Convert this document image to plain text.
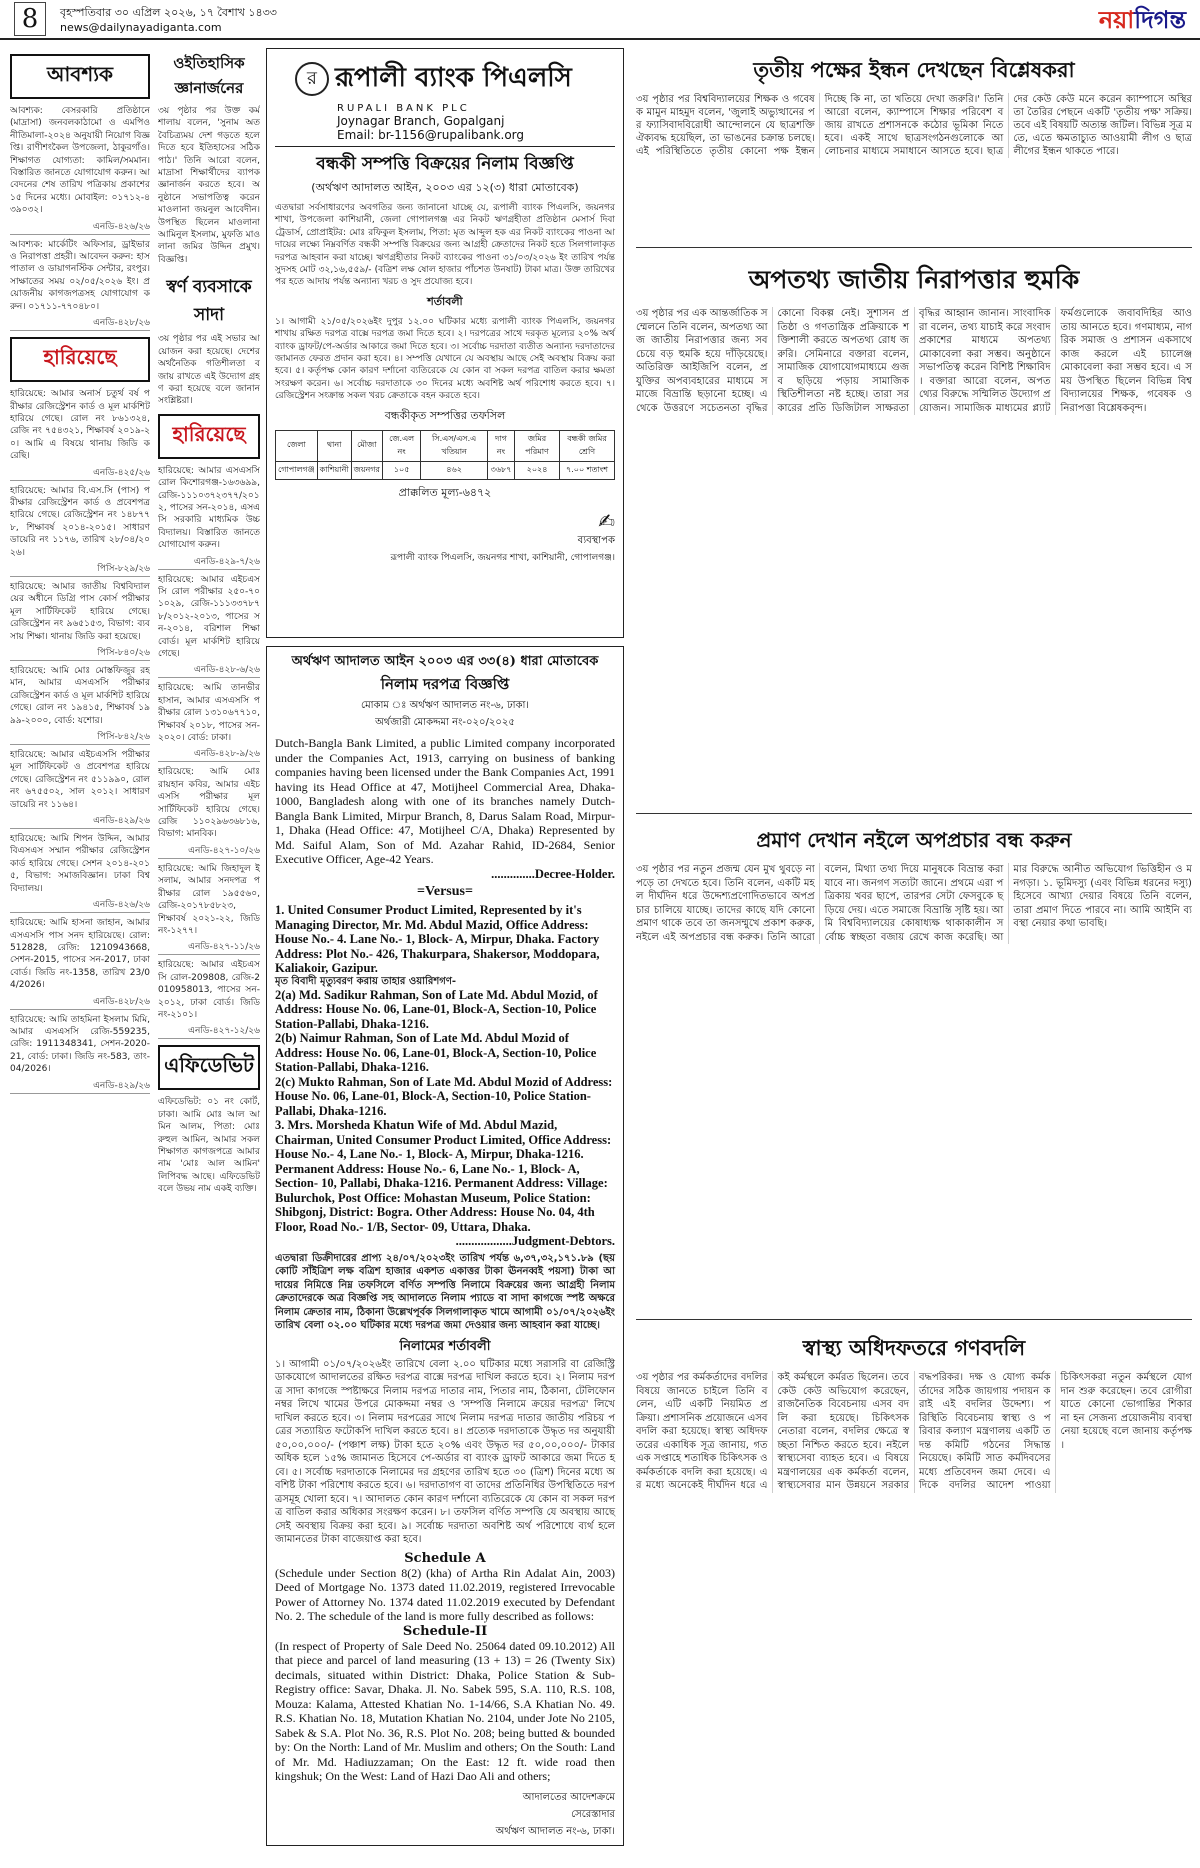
8	বৃহস্পতিবার ৩০ এপ্রিল ২০২৬, ১৭ বৈশাখ ১৪৩৩
news@dailynayadiganta.com	নয়াদিগন্ত
আবশ্যক

আবশ্যক: বেসরকারি প্রতিষ্ঠানে (মাদ্রাসা) জনবলকাঠামো ও এমপিও নীতিমালা-২০২৪ অনুযায়ী নিয়োগ বিজ্ঞপ্তি। রাণীশংকৈল উপজেলা, ঠাকুরগাঁও। শিক্ষাগত যোগ্যতা: কামিল/সমমান। বিস্তারিত জানতে যোগাযোগ করুন। আবেদনের শেষ তারিখ পত্রিকায় প্রকাশের ১৫ দিনের মধ্যে। মোবাইল: ০১৭১২-৪৩৯০৩২।

এনডি-৪২৬/২৬

আবশ্যক: মার্কেটিং অফিসার, ড্রাইভার ও নিরাপত্তা প্রহরী। আবেদন করুন: হাসপাতাল ও ডায়াগনস্টিক সেন্টার, রংপুর। সাক্ষাতের সময় ০২/০৫/২০২৬ ইং। প্রয়োজনীয় কাগজপত্রসহ যোগাযোগ করুন। ০১৭১১-৭৭০৪৮০।

এনডি-৪২৮/২৬
হারিয়েছে

হারিয়েছে: আমার অনার্স চতুর্থ বর্ষ পরীক্ষার রেজিস্ট্রেশন কার্ড ও মূল মার্কশিট হারিয়ে গেছে। রোল নং ৮৬১৩২৪, রেজি নং ৭৫৪৩২১, শিক্ষাবর্ষ ২০১৯-২০। আমি এ বিষয়ে থানায় জিডি করেছি।

এনডি-৪২৫/২৬

হারিয়েছে: আমার বি.এস.সি (পাস) পরীক্ষার রেজিস্ট্রেশন কার্ড ও প্রবেশপত্র হারিয়ে গেছে। রেজিস্ট্রেশন নং ১৪৮৭৭৮, শিক্ষাবর্ষ ২০১৪-২০১৫। সাধারণ ডায়েরি নং ১১৭৬, তারিখ ২৮/০৪/২০২৬।

পিসি-৮২৯/২৬

হারিয়েছে: আমার জাতীয় বিশ্ববিদ্যালয়ের অধীনে ডিগ্রি পাস কোর্স পরীক্ষার মূল সার্টিফিকেট হারিয়ে গেছে। রেজিস্ট্রেশন নং ৯৬৫১৫৩, বিভাগ: ব্যবসায় শিক্ষা। থানায় জিডি করা হয়েছে।

পিসি-৮৪০/২৬

হারিয়েছে: আমি মোঃ মোস্তফিজুর রহমান, আমার এসএসসি পরীক্ষার রেজিস্ট্রেশন কার্ড ও মূল মার্কশিট হারিয়ে গেছে। রোল নং ১৯৪১৫, শিক্ষাবর্ষ ১৯৯৯-২০০০, বোর্ড: যশোর।

পিসি-৮৪২/২৬

হারিয়েছে: আমার এইচএসসি পরীক্ষার মূল সার্টিফিকেট ও প্রবেশপত্র হারিয়ে গেছে। রেজিস্ট্রেশন নং ৫১১৯৯০, রোল নং ৬৭৫৫০২, সাল ২০১২। সাধারণ ডায়েরি নং ১১৬৪।

এনডি-৪২৯/২৬

হারিয়েছে: আমি শিপন উদ্দিন, আমার বিএসএস সম্মান পরীক্ষার রেজিস্ট্রেশন কার্ড হারিয়ে গেছে। সেশন ২০১৪-২০১৫, বিভাগ: সমাজবিজ্ঞান। ঢাকা বিশ্ববিদ্যালয়।

এনডি-৪২৬/২৬

হারিয়েছে: আমি হাসনা জাহান, আমার এসএসসি পাস সনদ হারিয়েছে। রোল: 512828, রেজি: 1210943668, সেশন-2015, পাসের সন-2017, ঢাকা বোর্ড। জিডি নং-1358, তারিখ 23/04/2026।

এনডি-৪২৮/২৬

হারিয়েছে: আমি তাহমিনা ইসলাম মিমি, আমার এসএসসি রেজি-559235, রেজি: 1911348341, সেশন-2020-21, বোর্ড: ঢাকা। জিডি নং-583, তাং-04/2026।

এনডি-৪২৯/২৬
ওইতিহাসিক জ্ঞানার্জনের

৩য় পৃষ্ঠার পর উক্ত কর্মশালায় বলেন, 'সুনাম অত বৈচিত্র্যময় দেশ গড়তে হলে দিতে হবে ইতিহাসের সঠিক পাঠ।' তিনি আরো বলেন, মাদ্রাসা শিক্ষার্থীদের ব্যাপক জ্ঞানার্জন করতে হবে। অনুষ্ঠানে সভাপতিত্ব করেন মাওলানা জয়নুল আবেদীন। উপস্থিত ছিলেন মাওলানা আমিনুল ইসলাম, মুফতি মাওলানা জমির উদ্দিন প্রমুখ। বিজ্ঞপ্তি।

স্বর্ণ ব্যবসাকে সাদা

৩য় পৃষ্ঠার পর এই সভার আয়োজন করা হয়েছে। দেশের অর্থনৈতিক গতিশীলতা বজায় রাখতে এই উদ্যোগ গ্রহণ করা হয়েছে বলে জানান সংশ্লিষ্টরা।

হারিয়েছে

হারিয়েছে: আমার এসএসসি রোল কিশোরগঞ্জ-১৬৩৬৯৯, রেজি-১১১০৩৭২৩৭৭/২০১২, পাসের সন-২০১৪, এসএসি সরকারি মাধ্যমিক উচ্চ বিদ্যালয়। বিস্তারিত জানতে যোগাযোগ করুন।

এনডি-৪২৯-৭/২৬

হারিয়েছে: আমার এইচএসসি রোল পরীক্ষার ২৫০-৭০ ১০২৯, রেজি-১১১৩৩৭৮৭৮/২০১২-২০১৩, পাসের সন-২০১৪, বরিশাল শিক্ষা বোর্ড। মূল মার্কশিট হারিয়ে গেছে।

এনডি-৪২৮-৬/২৬

হারিয়েছে: আমি তানভীর হাসান, আমার এসএসসি পরীক্ষার রোল ১৩১০৬৭৭১০, শিক্ষাবর্ষ ২০১৮, পাসের সন-২০২০। বোর্ড: ঢাকা।

এনডি-৪২৮-৯/২৬

হারিয়েছে: আমি মোঃ রায়হান কবির, আমার এইচএসসি পরীক্ষার মূল সার্টিফিকেট হারিয়ে গেছে। রেজি ১১০২৯৬৩৬৮১৬, বিভাগ: মানবিক।

এনডি-৪২৭-১০/২৬

হারিয়েছে: আমি জিহাদুল ইসলাম, আমার সনদপত্র পরীক্ষার রোল ১৯৫৫৬০, রেজি-২০১৭৮৫৮২৩, শিক্ষাবর্ষ ২০২১-২২, জিডি নং-১২৭৭।

এনডি-৪২৭-১১/২৬

হারিয়েছে: আমার এইচএসসি রোল-209808, রেজি-2010958013, পাসের সন-২০১২, ঢাকা বোর্ড। জিডি নং-২১০১।

এনডি-৪২৭-১২/২৬
এফিডেভিট

এফিডেভিট: ০১ নং কোর্ট, ঢাকা। আমি মোঃ আল আমিন আলম, পিতা: মোঃ রুহুল আমিন, আমার সকল শিক্ষাগত কাগজপত্রে আমার নাম 'মোঃ আল আমিন' লিপিবদ্ধ আছে। এফিডেভিট বলে উভয় নাম একই ব্যক্তি।

র রূপালী ব্যাংক পিএলসি
RUPALI BANK PLC
Joynagar Branch, Gopalganj
Email: br-1156@rupalibank.org
বন্ধকী সম্পত্তি বিক্রয়ের নিলাম বিজ্ঞপ্তি
(অর্থঋণ আদালত আইন, ২০০৩ এর ১২(৩) ধারা মোতাবেক)

এতদ্বারা সর্বসাধারণের অবগতির জন্য জানানো যাচ্ছে যে, রূপালী ব্যাংক পিএলসি, জয়নগর শাখা, উপজেলা কাশিয়ানী, জেলা গোপালগঞ্জ এর নিকট ঋণগ্রহীতা প্রতিষ্ঠান মেসার্স দিবা ট্রেডার্স, প্রোপ্রাইটর: মোঃ রফিকুল ইসলাম, পিতা: মৃত আব্দুল হক এর নিকট ব্যাংকের পাওনা আদায়ের লক্ষ্যে নিম্নবর্ণিত বন্ধকী সম্পত্তি বিক্রয়ের জন্য আগ্রহী ক্রেতাদের নিকট হতে সিলগালাকৃত দরপত্র আহবান করা যাচ্ছে। ঋণগ্রহীতার নিকট ব্যাংকের পাওনা ৩১/০৩/২০২৬ ইং তারিখ পর্যন্ত সুদসহ মোট ৩২,১৬,৫৫৯/- (বত্রিশ লক্ষ ষোল হাজার পাঁচশত উনষাট) টাকা মাত্র। উক্ত তারিখের পর হতে আদায় পর্যন্ত অন্যান্য খরচ ও সুদ প্রযোজ্য হবে।

শর্তাবলী

১। আগামী ২১/০৫/২০২৬ইং দুপুর ১২.০০ ঘটিকার মধ্যে রূপালী ব্যাংক পিএলসি, জয়নগর শাখায় রক্ষিত দরপত্র বাক্সে দরপত্র জমা দিতে হবে। ২। দরপত্রের সাথে দরকৃত মূল্যের ২০% অর্থ ব্যাংক ড্রাফট/পে-অর্ডার আকারে জমা দিতে হবে। ৩। সর্বোচ্চ দরদাতা ব্যতীত অন্যান্য দরদাতাদের জামানত ফেরত প্রদান করা হবে। ৪। সম্পত্তি যেখানে যে অবস্থায় আছে সেই অবস্থায় বিক্রয় করা হবে। ৫। কর্তৃপক্ষ কোন কারণ দর্শানো ব্যতিরেকে যে কোন বা সকল দরপত্র বাতিল করার ক্ষমতা সংরক্ষণ করেন। ৬। সর্বোচ্চ দরদাতাকে ৩০ দিনের মধ্যে অবশিষ্ট অর্থ পরিশোধ করতে হবে। ৭। রেজিস্ট্রেশন সংক্রান্ত সকল খরচ ক্রেতাকে বহন করতে হবে।

বন্ধকীকৃত সম্পত্তির তফসিল
জেলা	থানা	মৌজা	জে.এল নং	সি.এস/এস.এ খতিয়ান	দাগ নং	জমির পরিমাণ	বন্ধকী জমির শ্রেণি
গোপালগঞ্জ	কাশিয়ানী	জয়নগর	১০৫	৪৬২	৩৬৮৭	২০২৪	৭.০০ শতাংশ
প্রাক্কলিত মূল্য-৬৪৭২
✍
ব্যবস্থাপক
রূপালী ব্যাংক পিএলসি, জয়নগর শাখা, কাশিয়ানী, গোপালগঞ্জ।
অর্থঋণ আদালত আইন ২০০৩ এর ৩৩(৪) ধারা মোতাবেক
নিলাম দরপত্র বিজ্ঞপ্তি
মোকাম ঃ অর্থঋণ আদালত নং-৬, ঢাকা।
অর্থজারী মোকদ্দমা নং-০২০/২০২৫

Dutch-Bangla Bank Limited, a public Limited company incorporated under the Companies Act, 1913, carrying on business of banking companies having been licensed under the Bank Companies Act, 1991 having its Head Office at 47, Motijheel Commercial Area, Dhaka-1000, Bangladesh along with one of its branches namely Dutch-Bangla Bank Limited, Mirpur Branch, 8, Darus Salam Road, Mirpur-1, Dhaka (Head Office: 47, Motijheel C/A, Dhaka) Represented by Md. Saiful Alam, Son of Md. Azahar Rahid, ID-2684, Senior Executive Officer, Age-42 Years.

..............Decree-Holder.
=Versus=

1. United Consumer Product Limited, Represented by it's Managing Director, Mr. Md. Abdul Mazid, Office Address: House No.- 4. Lane No.- 1, Block- A, Mirpur, Dhaka. Factory Address: Plot No.- 426, Thakurpara, Shakersor, Moddopara, Kaliakoir, Gazipur.

মৃত বিবাদী মৃত্যুবরণ করায় তাহার ওয়ারিশগণ-

2(a) Md. Sadikur Rahman, Son of Late Md. Abdul Mozid, of Address: House No. 06, Lane-01, Block-A, Section-10, Police Station-Pallabi, Dhaka-1216.

2(b) Naimur Rahman, Son of Late Md. Abdul Mozid of Address: House No. 06, Lane-01, Block-A, Section-10, Police Station-Pallabi, Dhaka-1216.

2(c) Mukto Rahman, Son of Late Md. Abdul Mozid of Address: House No. 06, Lane-01, Block-A, Section-10, Police Station-Pallabi, Dhaka-1216.

3. Mrs. Morsheda Khatun Wife of Md. Abdul Mazid, Chairman, United Consumer Product Limited, Office Address: House No.- 4, Lane No.- 1, Block- A, Mirpur, Dhaka-1216. Permanent Address: House No.- 6, Lane No.- 1, Block- A, Section- 10, Pallabi, Dhaka-1216. Permanent Address: Village: Bulurchok, Post Office: Mohastan Museum, Police Station: Shibgonj, District: Bogra. Other Address: House No. 04, 4th Floor, Road No.- 1/B, Sector- 09, Uttara, Dhaka.

..................Judgment-Debtors.

এতদ্বারা ডিক্রীদারের প্রাপ্য ২৪/০৭/২০২৩ইং তারিখ পর্যন্ত ৬,৩৭,৩২,১৭১.৮৯ (ছয় কোটি সাঁইত্রিশ লক্ষ বত্রিশ হাজার একশত একাত্তর টাকা ঊননব্বই পয়সা) টাকা আদায়ের নিমিত্তে নিম্ন তফসিলে বর্ণিত সম্পত্তি নিলামে বিক্রয়ের জন্য আগ্রহী নিলাম ক্রেতাদেরকে অত্র বিজ্ঞপ্তি সহ আদালতে নিলাম প্যাডে বা সাদা কাগজে স্পষ্ট অক্ষরে নিলাম ক্রেতার নাম, ঠিকানা উল্লেখপূর্বক সিলগালাকৃত খামে আগামী ০১/০৭/২০২৬ইং তারিখ বেলা ০২.০০ ঘটিকার মধ্যে দরপত্র জমা দেওয়ার জন্য আহবান করা যাচ্ছে।

নিলামের শর্তাবলী

১। আগামী ০১/০৭/২০২৬ইং তারিখে বেলা ২.০০ ঘটিকার মধ্যে সরাসরি বা রেজিস্ট্রি ডাকযোগে আদালতের রক্ষিত দরপত্র বাক্সে দরপত্র দাখিল করতে হবে। ২। নিলাম দরপত্র সাদা কাগজে স্পষ্টাক্ষরে নিলাম দরপত্র দাতার নাম, পিতার নাম, ঠিকানা, টেলিফোন নম্বর লিখে খামের উপরে মোকদ্দমা নম্বর ও 'সম্পত্তি নিলামে ক্রয়ের দরপত্র' লিখে দাখিল করতে হবে। ৩। নিলাম দরপত্রের সাথে নিলাম দরপত্র দাতার জাতীয় পরিচয় পত্রের সত্যায়িত ফটোকপি দাখিল করতে হবে। ৪। প্রত্যেক দরদাতাকে উদ্ধৃত দর অনুযায়ী ৫০,০০,০০০/- (পঞ্চাশ লক্ষ) টাকা হতে ২০% এবং উদ্ধৃত দর ৫০,০০,০০০/- টাকার অধিক হলে ১৫% জামানত হিসেবে পে-অর্ডার বা ব্যাংক ড্রাফট আকারে জমা দিতে হবে। ৫। সর্বোচ্চ দরদাতাকে নিলামের দর গ্রহণের তারিখ হতে ৩০ (ত্রিশ) দিনের মধ্যে অবশিষ্ট টাকা পরিশোধ করতে হবে। ৬। দরদাতাগণ বা তাদের প্রতিনিধির উপস্থিতিতে দরপত্রসমূহ খোলা হবে। ৭। আদালত কোন কারণ দর্শানো ব্যতিরেকে যে কোন বা সকল দরপত্র বাতিল করার অধিকার সংরক্ষণ করেন। ৮। তফসিল বর্ণিত সম্পত্তি যে অবস্থায় আছে সেই অবস্থায় বিক্রয় করা হবে। ৯। সর্বোচ্চ দরদাতা অবশিষ্ট অর্থ পরিশোধে ব্যর্থ হলে জামানতের টাকা বাজেয়াপ্ত করা হবে।

Schedule A

(Schedule under Section 8(2) (kha) of Artha Rin Adalat Ain, 2003) Deed of Mortgage No. 1373 dated 11.02.2019, registered Irrevocable Power of Attorney No. 1374 dated 11.02.2019 executed by Defendant No. 2. The schedule of the land is more fully described as follows:

Schedule-II

(In respect of Property of Sale Deed No. 25064 dated 09.10.2012) All that piece and parcel of land measuring (13 + 13) = 26 (Twenty Six) decimals, situated within District: Dhaka, Police Station & Sub- Registry office: Savar, Dhaka. Jl. No. Sabek 595, S.A. 110, R.S. 108, Mouza: Kalama, Attested Khatian No. 1-14/66, S.A Khatian No. 49. R.S. Khatian No. 18, Mutation Khatian No. 2104, under Jote No 2105, Sabek & S.A. Plot No. 36, R.S. Plot No. 208; being butted & bounded by: On the North: Land of Mr. Muslim and others; On the South: Land of Mr. Md. Hadiuzzaman; On the East: 12 ft. wide road then kingshuk; On the West: Land of Hazi Dao Ali and others;

আদালতের আদেশক্রমে
সেরেস্তাদার
অর্থঋণ আদালত নং-৬, ঢাকা।
তৃতীয় পক্ষের ইন্ধন দেখছেন বিশ্লেষকরা
৩য় পৃষ্ঠার পর বিশ্ববিদ্যালয়ের শিক্ষক ও গবেষক মামুন মাহমুদ বলেন, 'জুলাই অভ্যুত্থানের পর ফ্যাসিবাদবিরোধী আন্দোলনে যে ছাত্রশক্তি ঐক্যবদ্ধ হয়েছিল, তা ভাঙনের চক্রান্ত চলছে। এই পরিস্থিতিতে তৃতীয় কোনো পক্ষ ইন্ধন দিচ্ছে কি না, তা খতিয়ে দেখা জরুরি।' তিনি আরো বলেন, ক্যাম্পাসে শিক্ষার পরিবেশ বজায় রাখতে প্রশাসনকে কঠোর ভূমিকা নিতে হবে। একই সাথে ছাত্রসংগঠনগুলোকে আলোচনার মাধ্যমে সমাধানে আসতে হবে। ছাত্রদের কেউ কেউ মনে করেন ক্যাম্পাসে অস্থিরতা তৈরির পেছনে একটি 'তৃতীয় পক্ষ' সক্রিয়। তবে এই বিষয়টি অত্যন্ত জটিল। বিভিন্ন সূত্র মতে, এতে ক্ষমতাচ্যুত আওয়ামী লীগ ও ছাত্রলীগের ইন্ধন থাকতে পারে।
অপতথ্য জাতীয় নিরাপত্তার হুমকি
৩য় পৃষ্ঠার পর এক আন্তর্জাতিক সম্মেলনে তিনি বলেন, অপতথ্য আজ জাতীয় নিরাপত্তার জন্য সবচেয়ে বড় হুমকি হয়ে দাঁড়িয়েছে। অতিরিক্ত আইজিপি বলেন, প্রযুক্তির অপব্যবহারের মাধ্যমে সমাজে বিভ্রান্তি ছড়ানো হচ্ছে। এ থেকে উত্তরণে সচেতনতা বৃদ্ধির কোনো বিকল্প নেই। সুশাসন প্রতিষ্ঠা ও গণতান্ত্রিক প্রক্রিয়াকে শক্তিশালী করতে অপতথ্য রোধ জরুরি। সেমিনারে বক্তারা বলেন, সামাজিক যোগাযোগমাধ্যমে গুজব ছড়িয়ে পড়ায় সামাজিক স্থিতিশীলতা নষ্ট হচ্ছে। তারা সরকারের প্রতি ডিজিটাল সাক্ষরতা বৃদ্ধির আহ্বান জানান। সাংবাদিকরা বলেন, তথ্য যাচাই করে সংবাদ প্রকাশের মাধ্যমে অপতথ্য মোকাবেলা করা সম্ভব। অনুষ্ঠানে সভাপতিত্ব করেন বিশিষ্ট শিক্ষাবিদ। বক্তারা আরো বলেন, অপতথ্যের বিরুদ্ধে সম্মিলিত উদ্যোগ প্রয়োজন। সামাজিক মাধ্যমের প্ল্যাটফর্মগুলোকে জবাবদিহির আওতায় আনতে হবে। গণমাধ্যম, নাগরিক সমাজ ও প্রশাসন একসাথে কাজ করলে এই চ্যালেঞ্জ মোকাবেলা করা সম্ভব হবে। এ সময় উপস্থিত ছিলেন বিভিন্ন বিশ্ববিদ্যালয়ের শিক্ষক, গবেষক ও নিরাপত্তা বিশ্লেষকবৃন্দ।
প্রমাণ দেখান নইলে অপপ্রচার বন্ধ করুন
৩য় পৃষ্ঠার পর নতুন প্রজন্ম যেন মুখ থুবড়ে না পড়ে তা দেখতে হবে। তিনি বলেন, একটি মহল দীর্ঘদিন ধরে উদ্দেশ্যপ্রণোদিতভাবে অপপ্রচার চালিয়ে যাচ্ছে। তাদের কাছে যদি কোনো প্রমাণ থাকে তবে তা জনসম্মুখে প্রকাশ করুক, নইলে এই অপপ্রচার বন্ধ করুক। তিনি আরো বলেন, মিথ্যা তথ্য দিয়ে মানুষকে বিভ্রান্ত করা যাবে না। জনগণ সত্যটা জানে। প্রথমে এরা পত্রিকায় খবর ছাপে, তারপর সেটা ফেসবুকে ছড়িয়ে দেয়। এতে সমাজে বিভ্রান্তি সৃষ্টি হয়। আমি বিশ্ববিদ্যালয়ের কোষাধ্যক্ষ থাকাকালীন সর্বোচ্চ স্বচ্ছতা বজায় রেখে কাজ করেছি। আমার বিরুদ্ধে আনীত অভিযোগ ভিত্তিহীন ও মনগড়া। ১. ভূমিদস্যু (এবং বিভিন্ন ধরনের দস্যু) হিসেবে আখ্যা দেয়ার বিষয়ে তিনি বলেন, তারা প্রমাণ দিতে পারবে না। আমি আইনি ব্যবস্থা নেয়ার কথা ভাবছি।
স্বাস্থ্য অধিদফতরে গণবদলি
৩য় পৃষ্ঠার পর কর্মকর্তাদের বদলির বিষয়ে জানতে চাইলে তিনি বলেন, এটি একটি নিয়মিত প্রক্রিয়া। প্রশাসনিক প্রয়োজনে এসব বদলি করা হয়েছে। স্বাস্থ্য অধিদফতরের একাধিক সূত্র জানায়, গত এক সপ্তাহে শতাধিক চিকিৎসক ও কর্মকর্তাকে বদলি করা হয়েছে। এর মধ্যে অনেকেই দীর্ঘদিন ধরে একই কর্মস্থলে কর্মরত ছিলেন। তবে কেউ কেউ অভিযোগ করেছেন, রাজনৈতিক বিবেচনায় এসব বদলি করা হয়েছে। চিকিৎসক নেতারা বলেন, বদলির ক্ষেত্রে স্বচ্ছতা নিশ্চিত করতে হবে। নইলে স্বাস্থ্যসেবা ব্যাহত হবে। এ বিষয়ে মন্ত্রণালয়ের এক কর্মকর্তা বলেন, স্বাস্থ্যসেবার মান উন্নয়নে সরকার বদ্ধপরিকর। দক্ষ ও যোগ্য কর্মকর্তাদের সঠিক জায়গায় পদায়ন করাই এই বদলির উদ্দেশ্য। পরিস্থিতি বিবেচনায় স্বাস্থ্য ও পরিবার কল্যাণ মন্ত্রণালয় একটি তদন্ত কমিটি গঠনের সিদ্ধান্ত নিয়েছে। কমিটি সাত কর্মদিবসের মধ্যে প্রতিবেদন জমা দেবে। এদিকে বদলির আদেশ পাওয়া চিকিৎসকরা নতুন কর্মস্থলে যোগদান শুরু করেছেন। তবে রোগীরা যাতে কোনো ভোগান্তির শিকার না হন সেজন্য প্রয়োজনীয় ব্যবস্থা নেয়া হয়েছে বলে জানায় কর্তৃপক্ষ।
